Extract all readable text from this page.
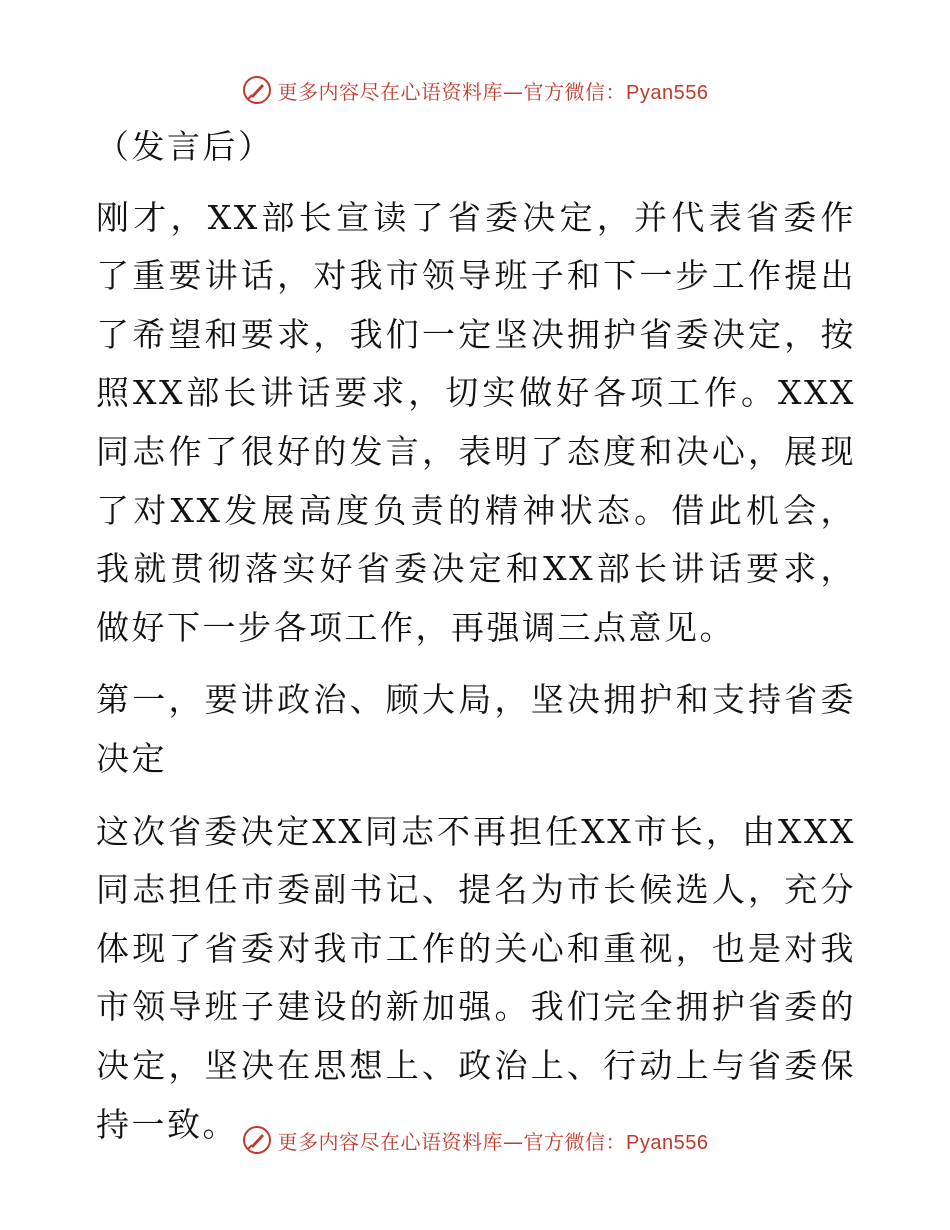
更多内容尽在心语资料库—官方微信：Pyan556

（发言后）

刚才，XX部长宣读了省委决定，并代表省委作了重要讲话，对我市领导班子和下一步工作提出了希望和要求，我们一定坚决拥护省委决定，按照XX部长讲话要求，切实做好各项工作。XXX同志作了很好的发言，表明了态度和决心，展现了对XX发展高度负责的精神状态。借此机会，我就贯彻落实好省委决定和XX部长讲话要求，做好下一步各项工作，再强调三点意见。

第一，要讲政治、顾大局，坚决拥护和支持省委决定

这次省委决定XX同志不再担任XX市长，由XXX同志担任市委副书记、提名为市长候选人，充分体现了省委对我市工作的关心和重视，也是对我市领导班子建设的新加强。我们完全拥护省委的决定，坚决在思想上、政治上、行动上与省委保持一致。	更多内容尽在心语资料库—官方微信：Pyan556
